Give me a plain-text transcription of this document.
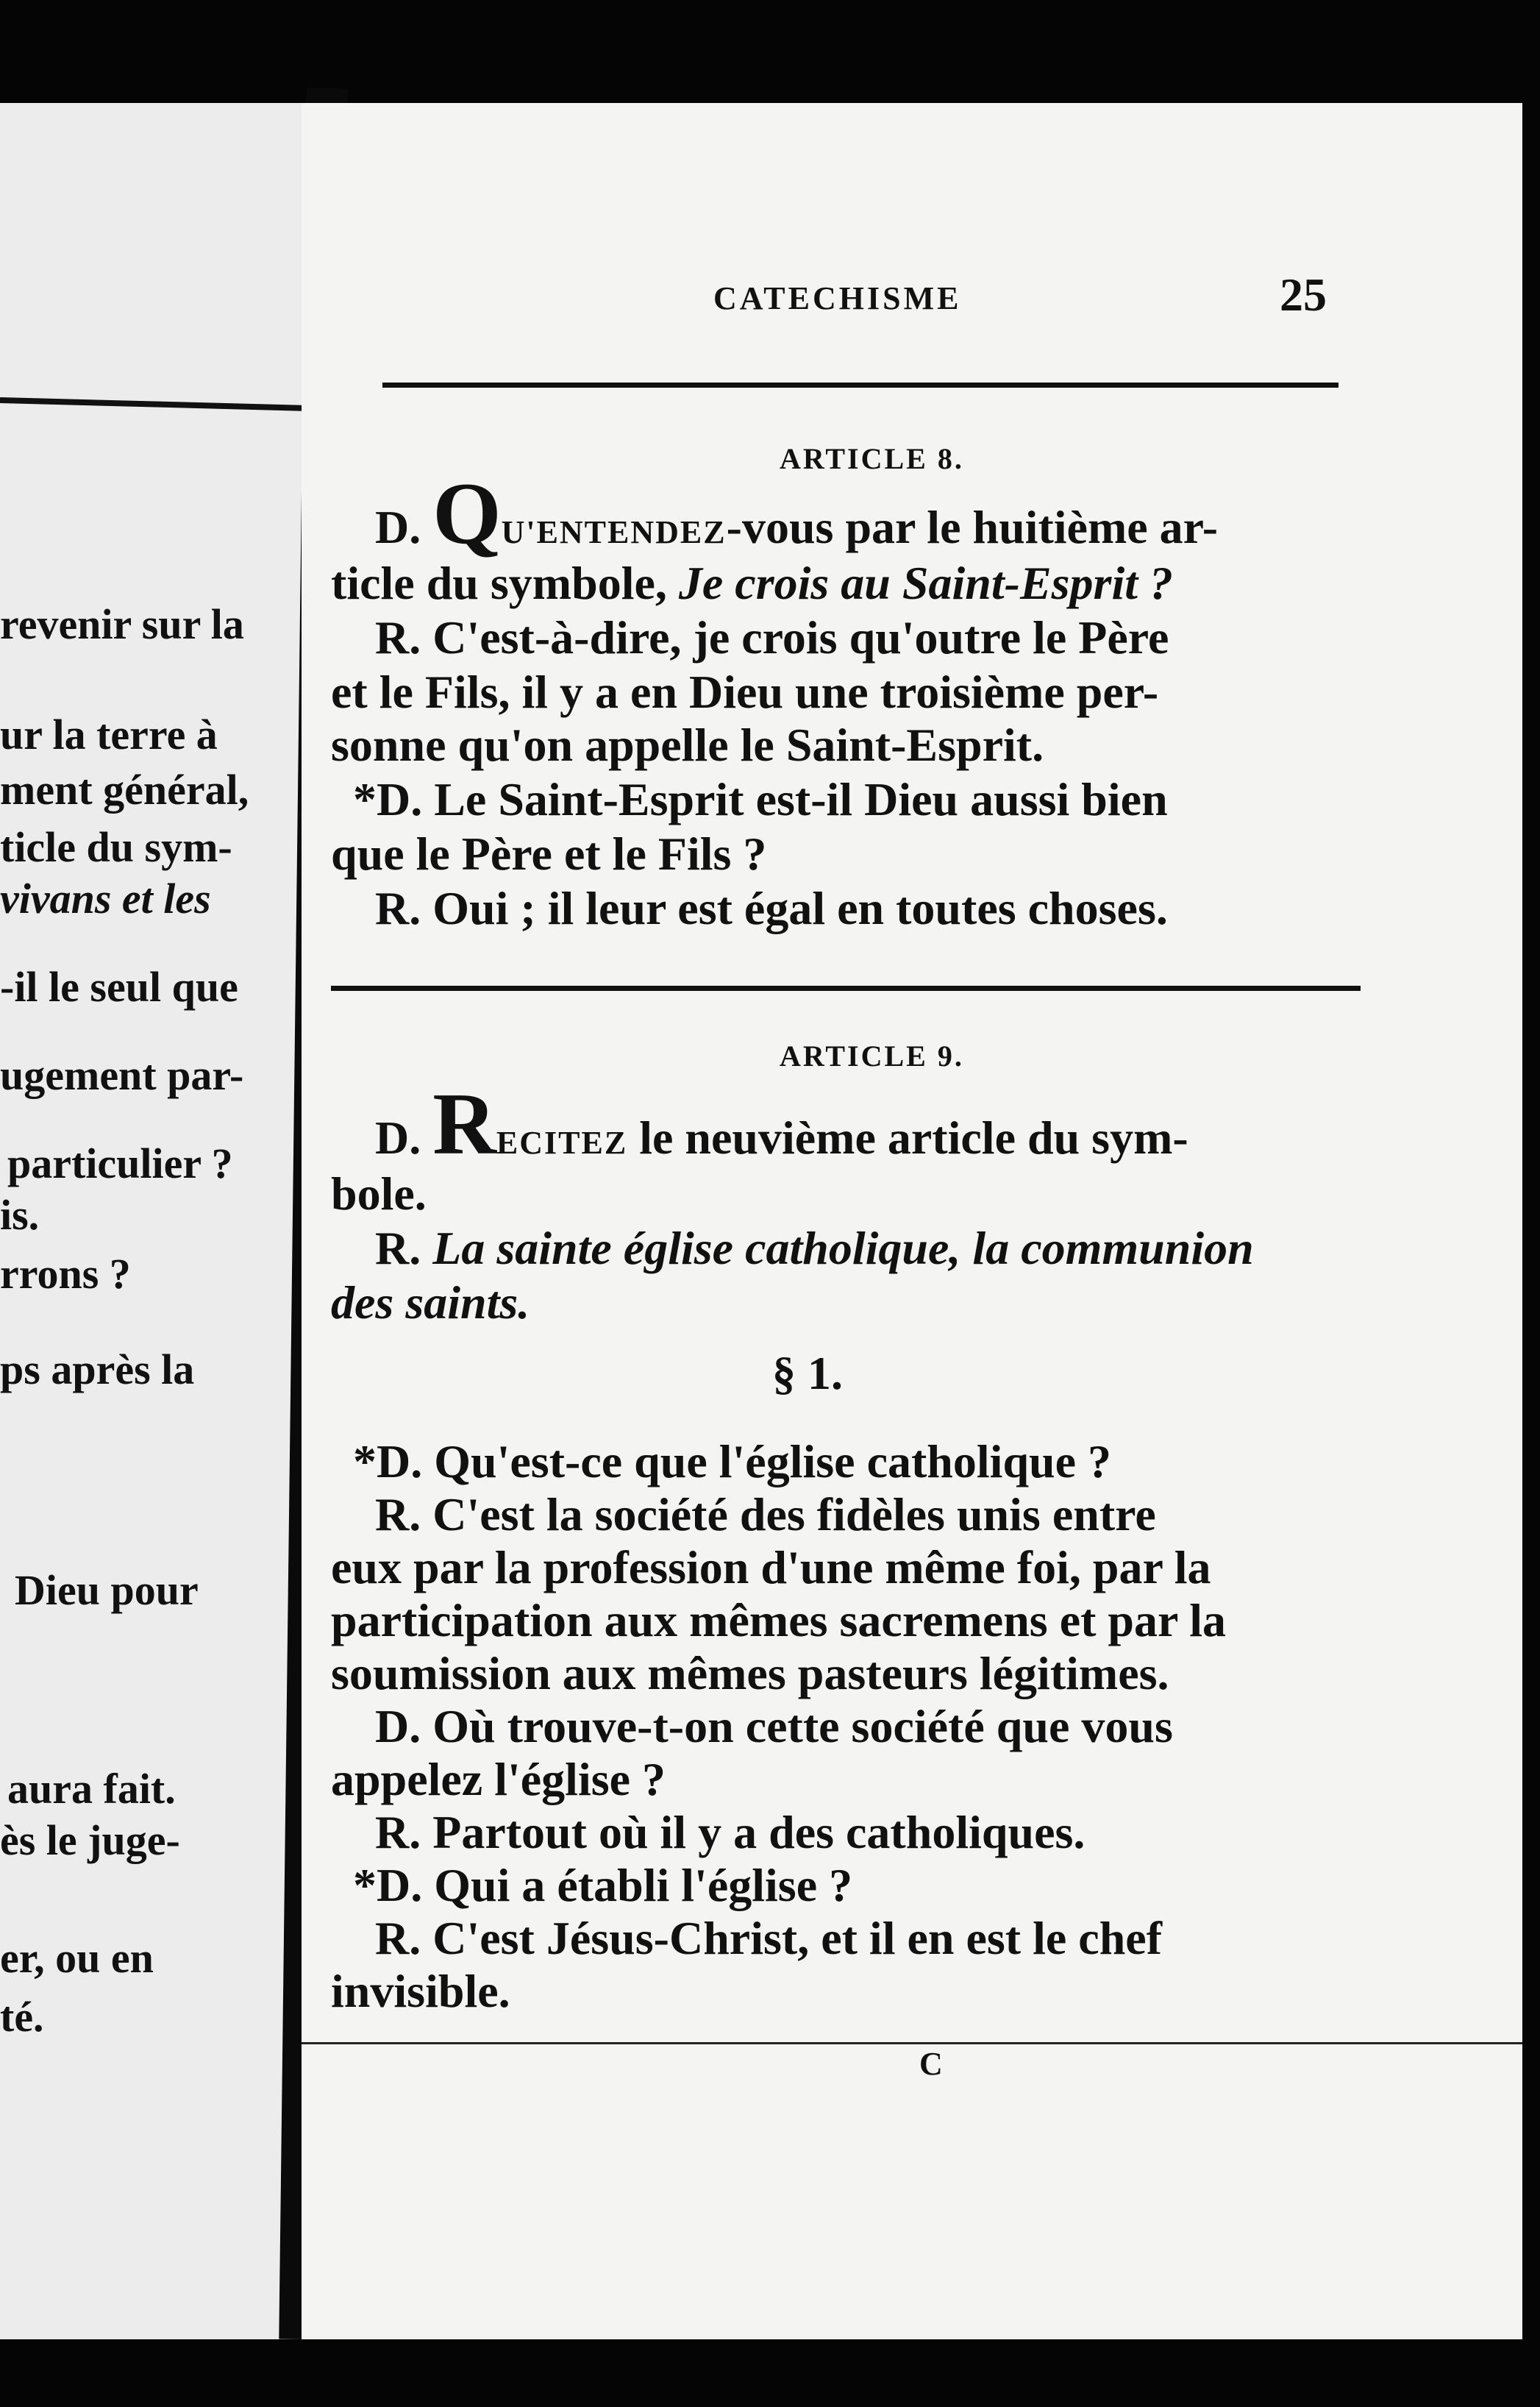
revenir sur la
ur la terre à
ment général,
ticle du sym-
vivans et les
-il le seul que
ugement par-
particulier ?
is.
rrons ?
ps après la
Dieu pour
aura fait.
ès le juge-
er, ou en
té.
CATECHISME	25
ARTICLE 8.
D. QU'ENTENDEZ-vous par le huitième ar-
ticle du symbole, Je crois au Saint-Esprit ?
R. C'est-à-dire, je crois qu'outre le Père
et le Fils, il y a en Dieu une troisième per-
sonne qu'on appelle le Saint-Esprit.
*D. Le Saint-Esprit est-il Dieu aussi bien
que le Père et le Fils ?
R. Oui ; il leur est égal en toutes choses.
ARTICLE 9.
D. RECITEZ le neuvième article du sym-
bole.
R. La sainte église catholique, la communion
des saints.
§ 1.
*D. Qu'est-ce que l'église catholique ?
R. C'est la société des fidèles unis entre
eux par la profession d'une même foi, par la
participation aux mêmes sacremens et par la
soumission aux mêmes pasteurs légitimes.
D. Où trouve-t-on cette société que vous
appelez l'église ?
R. Partout où il y a des catholiques.
*D. Qui a établi l'église ?
R. C'est Jésus-Christ, et il en est le chef
invisible.
C
